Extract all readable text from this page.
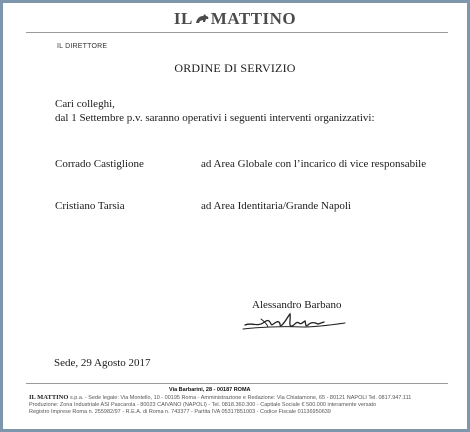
IL MATTINO
IL DIRETTORE
ORDINE DI SERVIZIO
Cari colleghi,
dal 1 Settembre p.v. saranno operativi i seguenti interventi organizzativi:
Corrado Castiglione	ad Area Globale con l’incarico di vice responsabile
Cristiano Tarsia	ad Area Identitaria/Grande Napoli
Alessandro Barbano
Sede, 29 Agosto 2017
Via Barbarini, 28 - 00187 ROMA
IL MATTINO s.p.a. - Sede legale: Via Montello, 10 - 00195 Roma - Amministrazione e Redazione: Via Chiatamone, 65 - 80121 NAPOLI Tel. 0817.947.111
Produzione: Zona Industriale ASI Pascarola - 80023 CAIVANO (NAPOLI) - Tel. 0818.360.300 - Capitale Sociale € 500.000 interamente versato
Registro Imprese Roma n. 255982/97 - R.E.A. di Roma n. 743377 - Partita IVA 05317851003 - Codice Fiscale 01136950639
